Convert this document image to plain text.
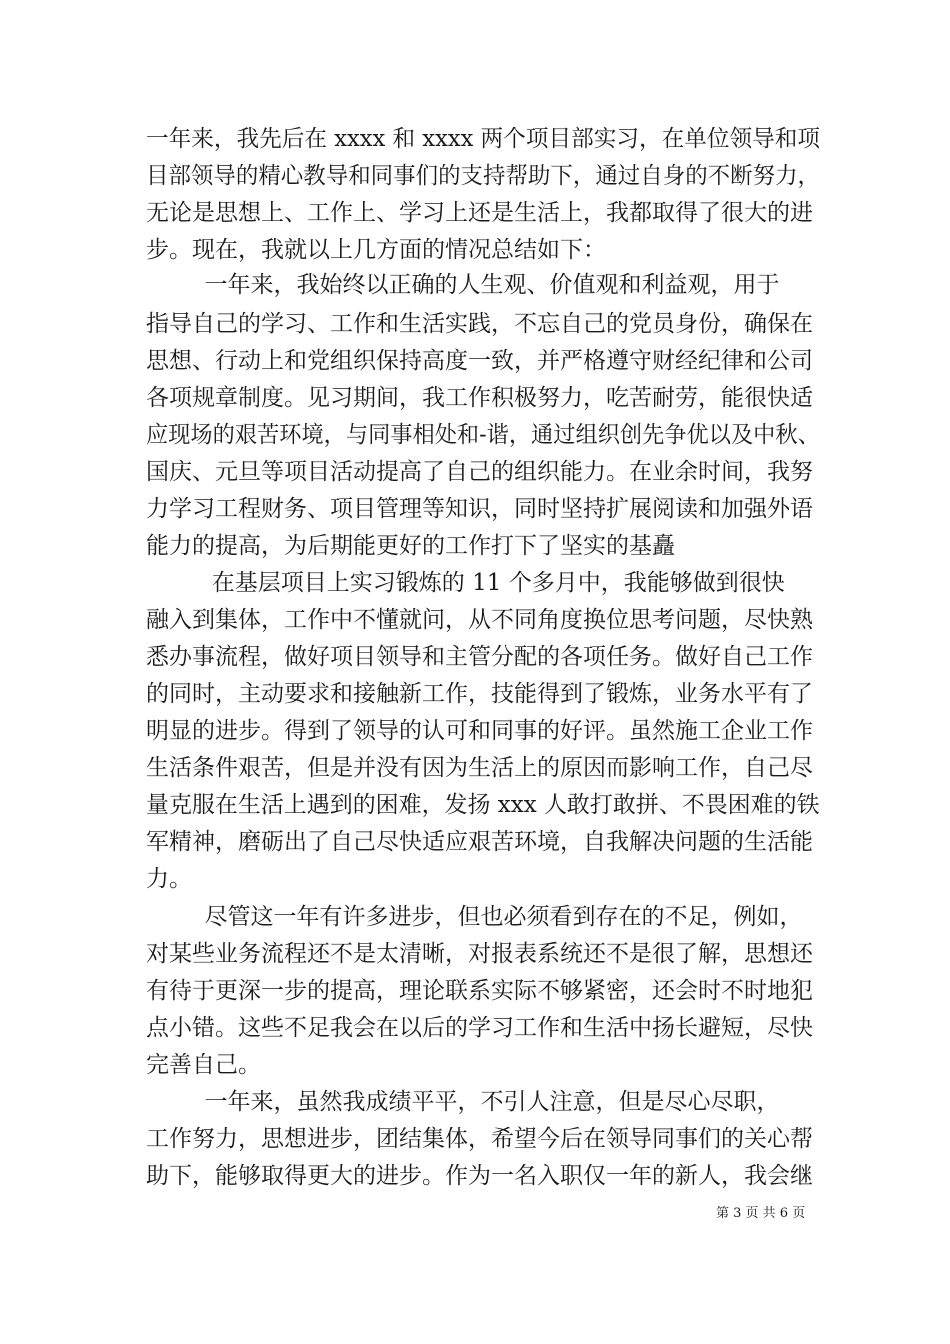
一年来，我先后在 xxxx 和 xxxx 两个项目部实习，在单位领导和项
目部领导的精心教导和同事们的支持帮助下，通过自身的不断努力，
无论是思想上、工作上、学习上还是生活上，我都取得了很大的进
步。现在，我就以上几方面的情况总结如下：
一年来，我始终以正确的人生观、价值观和利益观，用于
指导自己的学习、工作和生活实践，不忘自己的党员身份，确保在
思想、行动上和党组织保持高度一致，并严格遵守财经纪律和公司
各项规章制度。见习期间，我工作积极努力，吃苦耐劳，能很快适
应现场的艰苦环境，与同事相处和-谐，通过组织创先争优以及中秋、
国庆、元旦等项目活动提高了自己的组织能力。在业余时间，我努
力学习工程财务、项目管理等知识，同时坚持扩展阅读和加强外语
能力的提高，为后期能更好的工作打下了坚实的基矗
在基层项目上实习锻炼的 11 个多月中，我能够做到很快
融入到集体，工作中不懂就问，从不同角度换位思考问题，尽快熟
悉办事流程，做好项目领导和主管分配的各项任务。做好自己工作
的同时，主动要求和接触新工作，技能得到了锻炼，业务水平有了
明显的进步。得到了领导的认可和同事的好评。虽然施工企业工作
生活条件艰苦，但是并没有因为生活上的原因而影响工作，自己尽
量克服在生活上遇到的困难，发扬 xxx 人敢打敢拼、不畏困难的铁
军精神，磨砺出了自己尽快适应艰苦环境，自我解决问题的生活能
力。
尽管这一年有许多进步，但也必须看到存在的不足，例如，
对某些业务流程还不是太清晰，对报表系统还不是很了解，思想还
有待于更深一步的提高，理论联系实际不够紧密，还会时不时地犯
点小错。这些不足我会在以后的学习工作和生活中扬长避短，尽快
完善自己。
一年来，虽然我成绩平平，不引人注意，但是尽心尽职，
工作努力，思想进步，团结集体，希望今后在领导同事们的关心帮
助下，能够取得更大的进步。作为一名入职仅一年的新人，我会继
第 3 页 共 6 页
